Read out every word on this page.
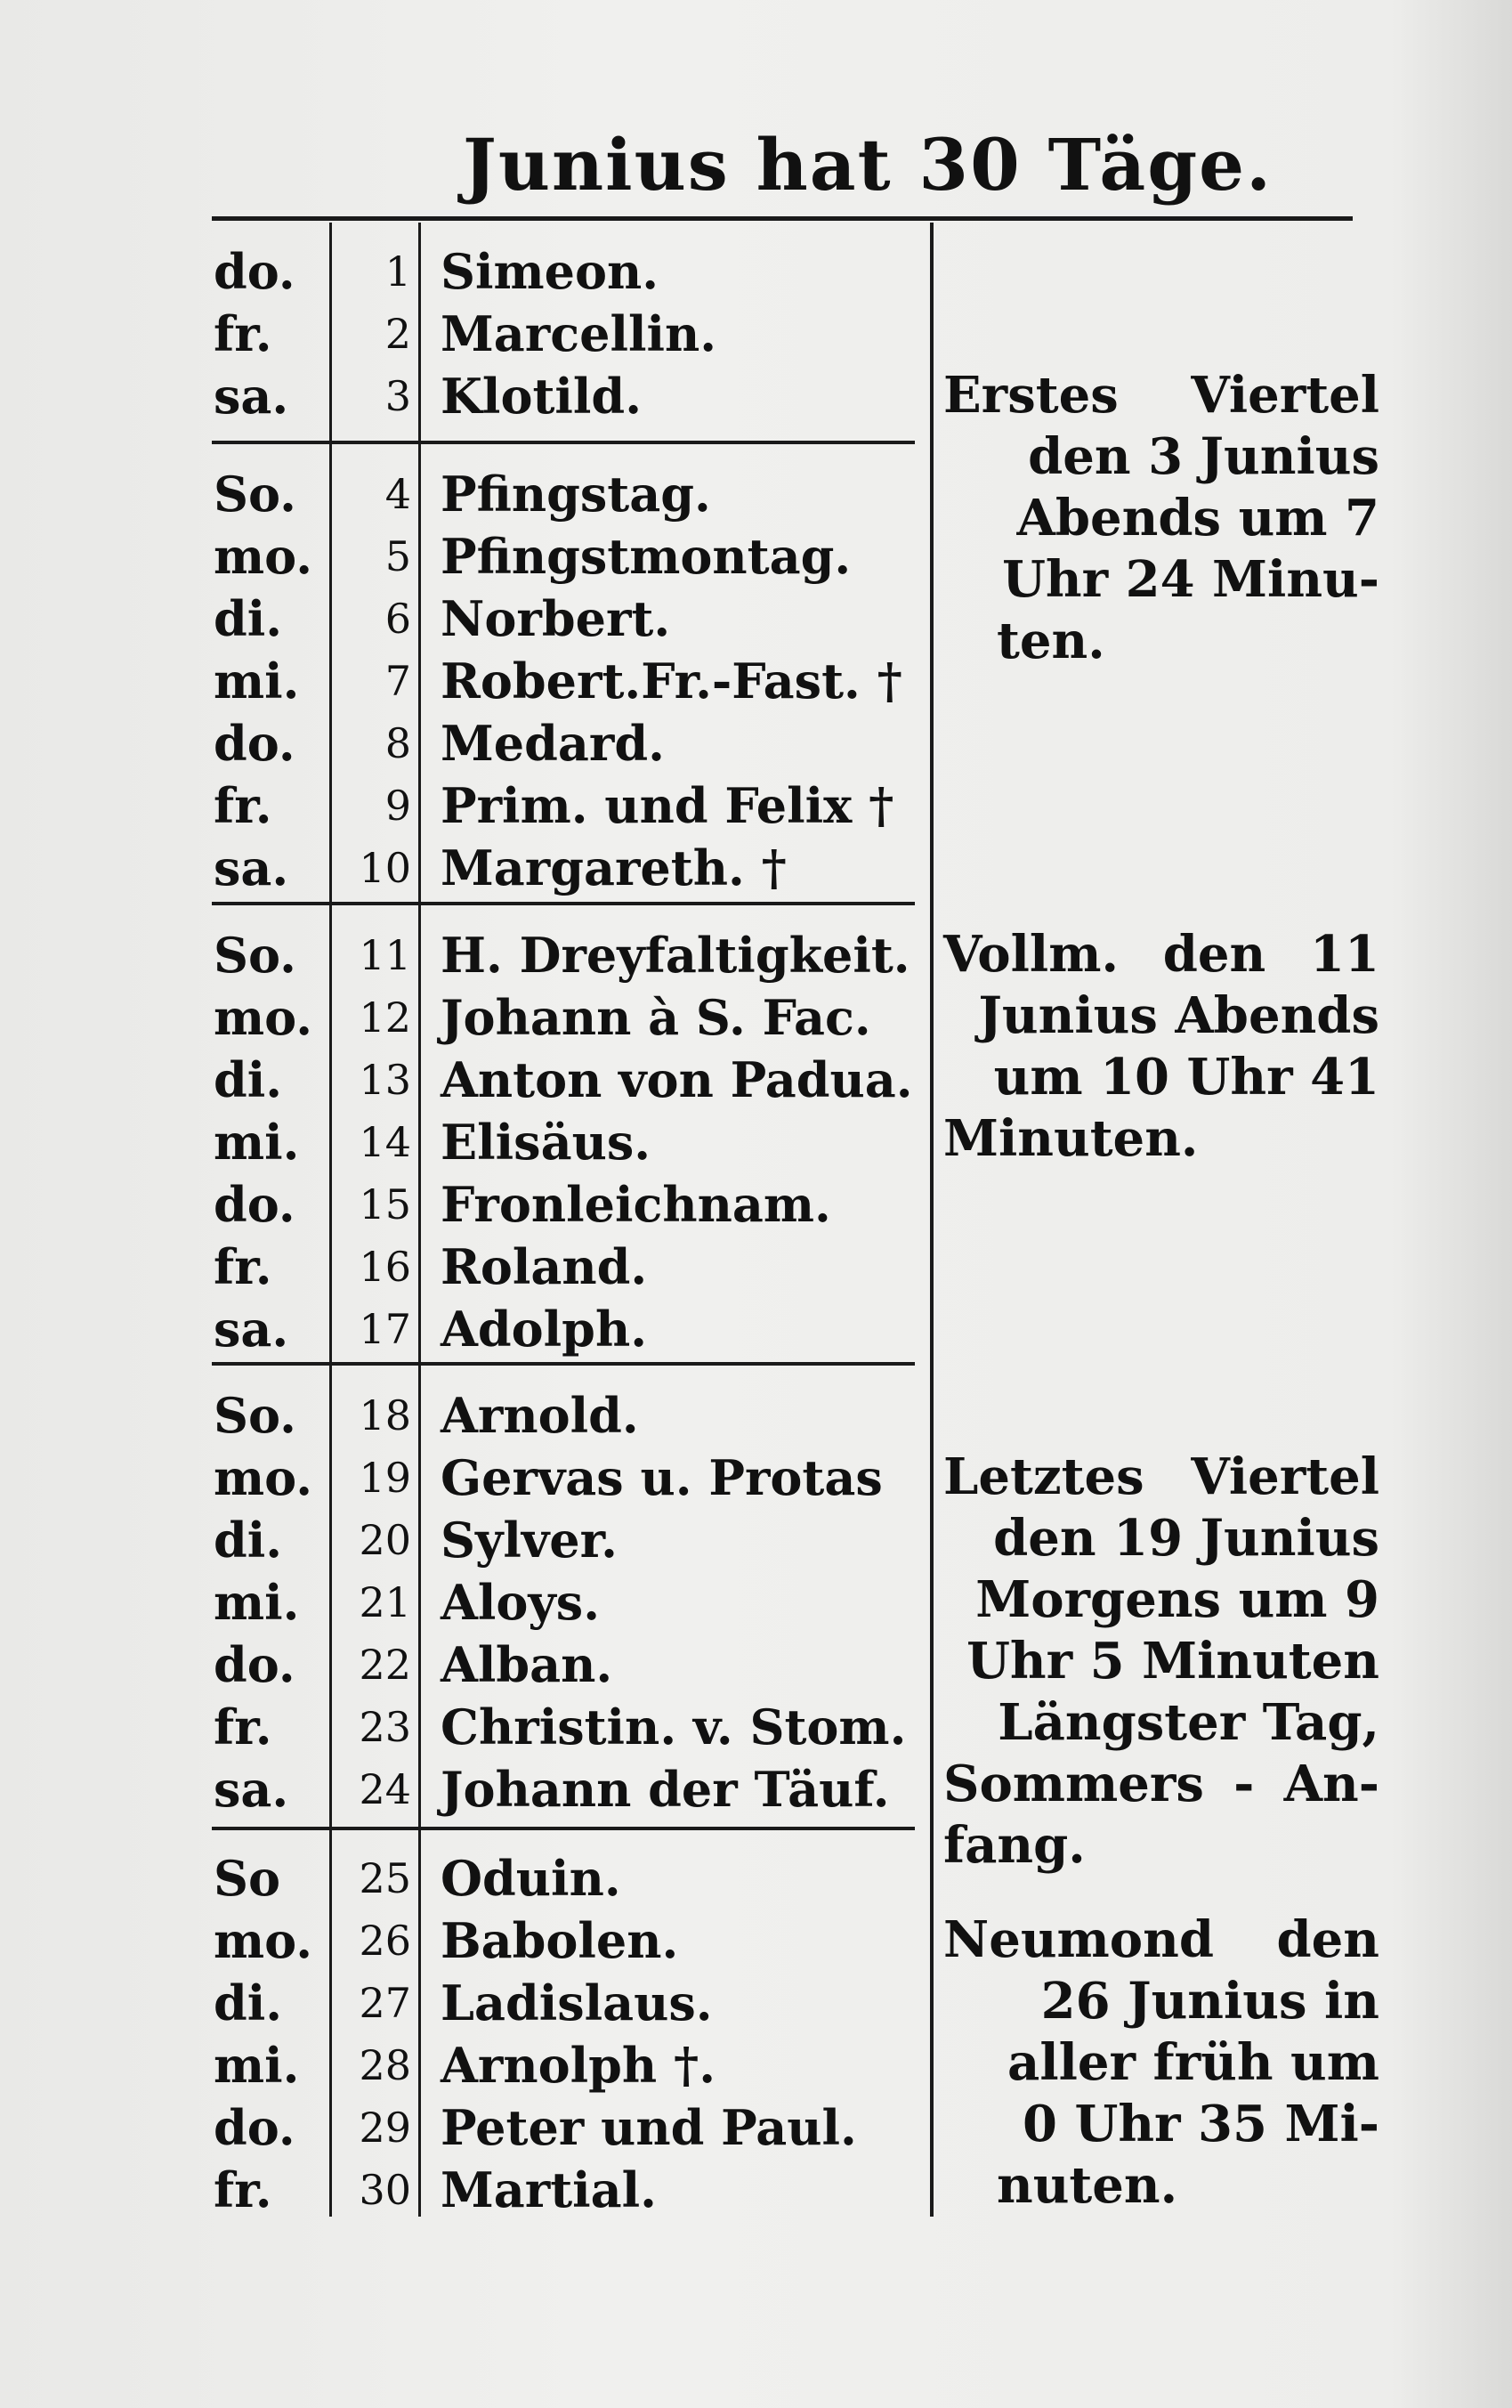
Junius hat 30 Täge.
do.	1 Simeon.
fr.	2 Marcellin.
sa.	3 Klotild.
So.	4 Pfingstag.
mo.	5 Pfingstmontag.
di.	6 Norbert.
mi.	7 Robert.Fr.-Fast. †
do.	8 Medard.
fr.	9 Prim. und Felix †
sa.	10 Margareth. †
So.	11 H. Dreyfaltigkeit.
mo.	12 Johann à S. Fac.
di.	13 Anton von Padua.
mi.	14 Elisäus.
do.	15 Fronleichnam.
fr.	16 Roland.
sa.	17 Adolph.
So.	18 Arnold.
mo.	19 Gervas u. Protas
di.	20 Sylver.
mi.	21 Aloys.
do.	22 Alban.
fr.	23 Christin. v. Stom.
sa.	24 Johann der Täuf.
So	25 Oduin.
mo.	26 Babolen.
di.	27 Ladislaus.
mi.	28 Arnolph †.
do.	29 Peter und Paul.
fr.	30 Martial.
Erstes Viertel
den 3 Junius
Abends um 7
Uhr 24 Minu-
ten.
Vollm. den 11
Junius Abends
um 10 Uhr 41
Minuten.
Letztes Viertel
den 19 Junius
Morgens um 9
Uhr 5 Minuten
Längster Tag,
Sommers - An-
fang.
Neumond den
26 Junius in
aller früh um
0 Uhr 35 Mi-
nuten.
